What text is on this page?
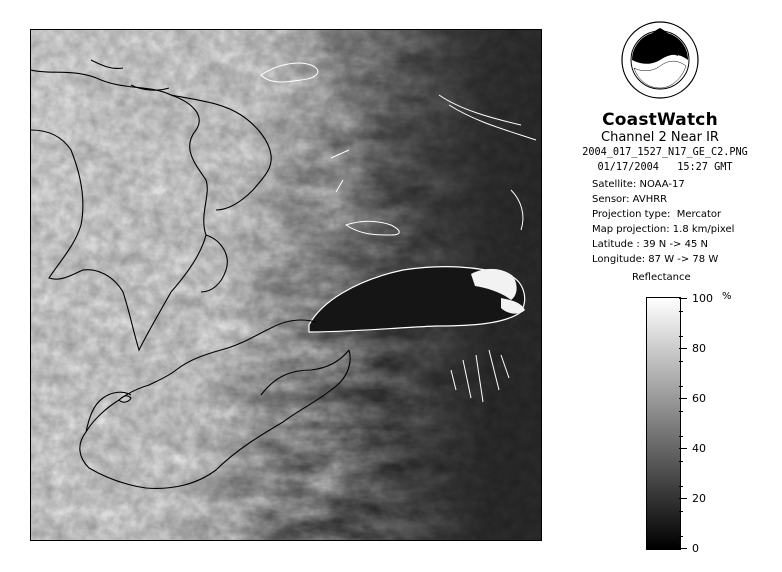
CoastWatch
Channel 2 Near IR
2004_017_1527_N17_GE_C2.PNG
01/17/2004   15:27 GMT
Satellite: NOAA-17
Sensor: AVHRR
Projection type:  Mercator
Map projection: 1.8 km/pixel
Latitude : 39 N -> 45 N
Longitude: 87 W -> 78 W
Reflectance
%
100
80
60
40
20
0
